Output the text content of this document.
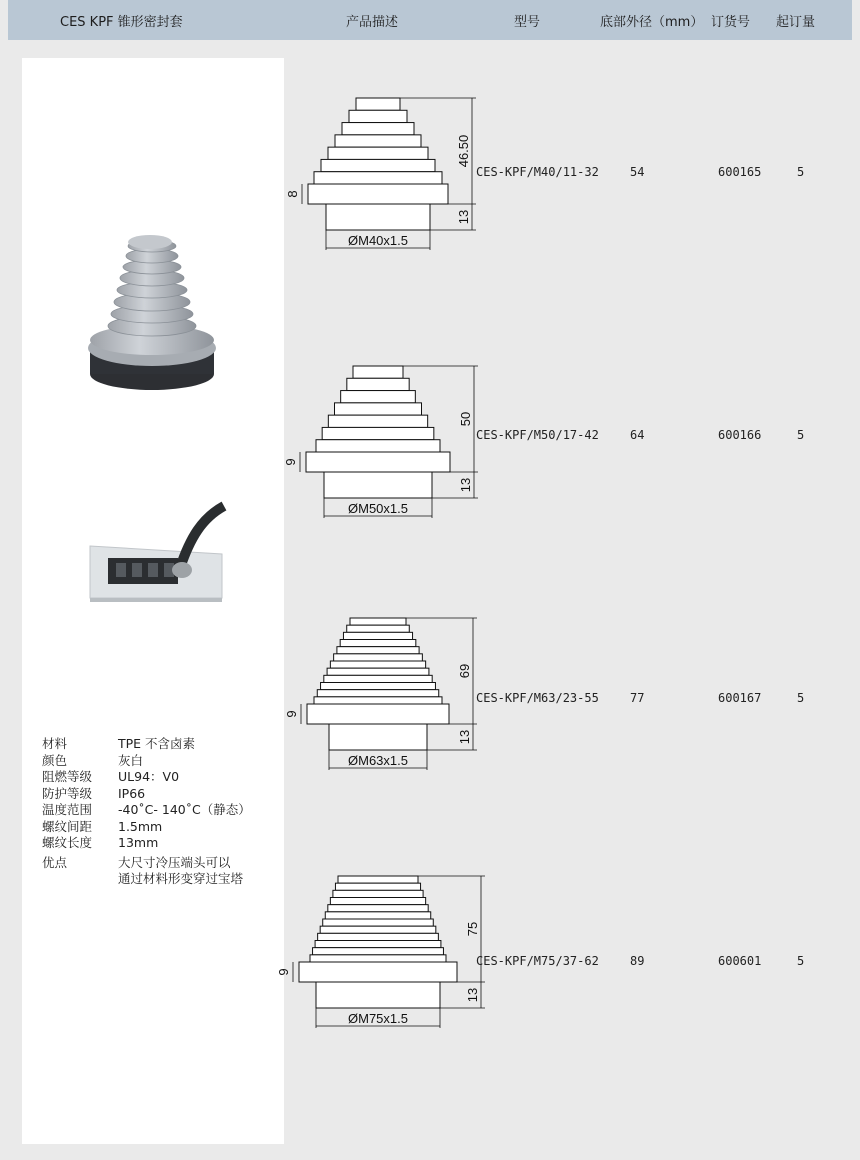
CES KPF 锥形密封套	产品描述	型号	底部外径（mm） 订货号 起订量
材料	TPE 不含卤素
颜色	灰白
阻燃等级	UL94：V0
防护等级	IP66
温度范围	-40˚C- 140˚C（静态）
螺纹间距	1.5mm
螺纹长度	13mm
优点	大尺寸冷压端头可以
通过材料形变穿过宝塔
46.50
13
8
ØM40x1.5
50
13
9
ØM50x1.5
69
13
9
ØM63x1.5
75
13
9
ØM75x1.5
CES-KPF/M40/11-32	54	600165	5
CES-KPF/M50/17-42	64	600166	5
CES-KPF/M63/23-55	77	600167	5
CES-KPF/M75/37-62	89	600601	5
